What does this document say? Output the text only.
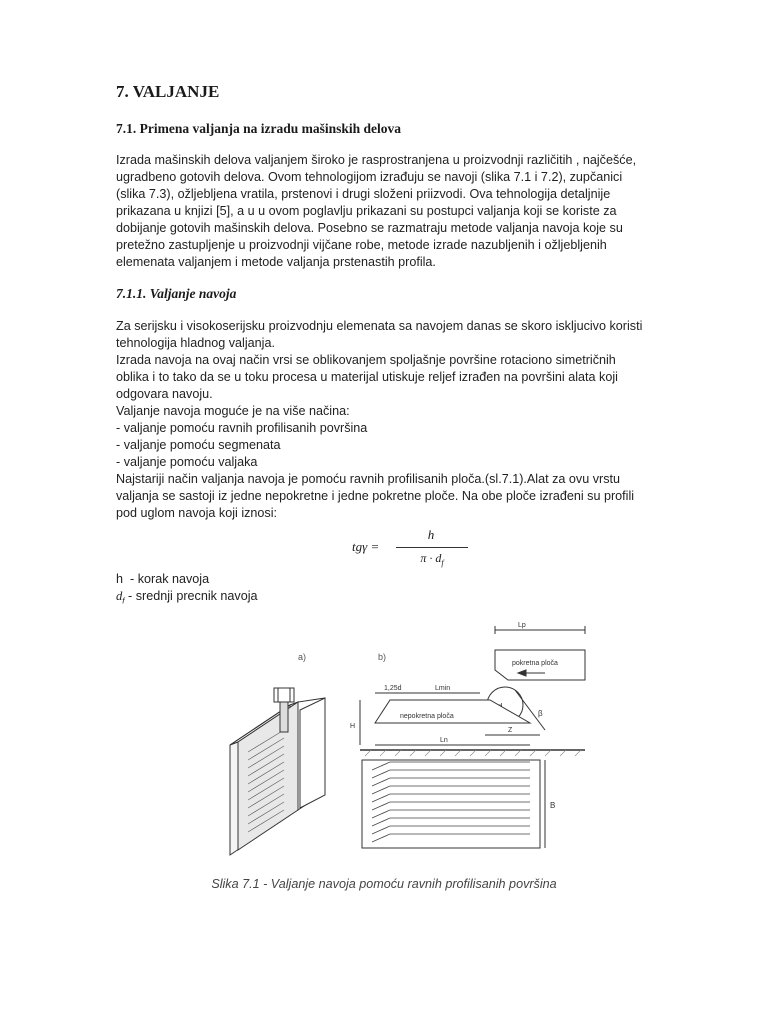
7. VALJANJE
7.1. Primena valjanja na izradu mašinskih delova
Izrada mašinskih delova valjanjem široko je rasprostranjena u proizvodnji različitih , najčešće,
ugradbeno gotovih delova. Ovom tehnologijom izrađuju se navoji (slika 7.1 i 7.2), zupčanici
(slika 7.3), ožljebljena vratila, prstenovi i drugi složeni priizvodi. Ova tehnologija detaljnije
prikazana u knjizi [5], a u u ovom poglavlju prikazani su postupci valjanja koji se koriste za
dobijanje gotovih mašinskih delova. Posebno se razmatraju metode valjanja navoja koje su
pretežno zastupljenje u proizvodnji vijčane robe, metode izrade nazubljenih i ožljebljenih
elemenata valjanjem i metode valjanja prstenastih profila.
7.1.1. Valjanje navoja
Za serijsku i visokoserijsku proizvodnju elemenata sa navojem danas se skoro isklјucivo koristi
tehnologija hladnog valjanja.
Izrada navoja na ovaj način vrsi se oblikovanjem spoljašnje površine rotaciono simetričnih
oblika i to tako da se u toku procesa u materijal utiskuje reljef izrađen na površini alata koji
odgovara navoju.
Valjanje navoja moguće je na više načina:
- valjanje pomoću ravnih profilisanih površina
- valjanje pomoću segmenata
- valjanje pomoću valjaka
Najstariji način valjanja navoja je pomoću ravnih profilisanih ploča.(sl.7.1).Alat za ovu vrstu
valjanja se sastoji iz jedne nepokretne i jedne pokretne ploče. Na obe ploče izrađeni su profili
pod uglom navoja koji iznosi:
tgγ =
h
$\pi \cdot d_f$
h  - korak navoja
$d_f$ - srednji precnik navoja
a)	b)
Lp
pokretna ploča
nepokretna ploča	β
1,25d	Lmin
Z
Ln
H
B
Slika 7.1 - Valjanje navoja pomoću ravnih profilisanih površina
